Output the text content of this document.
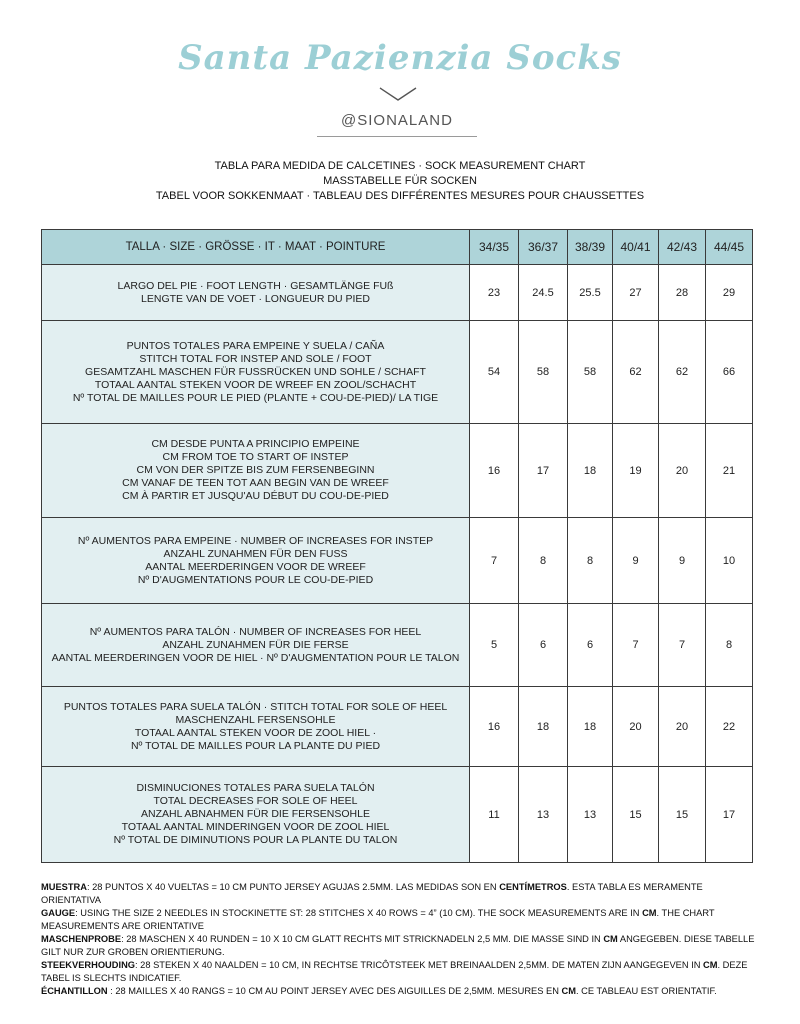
Santa Pazienzia Socks
@SIONALAND
TABLA PARA MEDIDA DE CALCETINES · SOCK MEASUREMENT CHART
MASSTABELLE FÜR SOCKEN
TABEL VOOR SOKKENMAAT · TABLEAU DES DIFFÉRENTES MESURES POUR CHAUSSETTES
TALLA · SIZE · GRÖSSE · IT · MAAT · POINTURE	34/35	36/37	38/39	40/41	42/43	44/45

LARGO DEL PIE · FOOT LENGTH · GESAMTLÄNGE FUß
LENGTE VAN DE VOET · LONGUEUR DU PIED	23	24.5	25.5	27	28	29

PUNTOS TOTALES PARA EMPEINE Y SUELA / CAÑA
STITCH TOTAL FOR INSTEP AND SOLE / FOOT
GESAMTZAHL MASCHEN FÜR FUSSRÜCKEN UND SOHLE / SCHAFT
TOTAAL AANTAL STEKEN VOOR DE WREEF EN ZOOL/SCHACHT
Nº TOTAL DE MAILLES POUR LE PIED (PLANTE + COU-DE-PIED)/ LA TIGE	54	58	58	62	62	66

CM DESDE PUNTA A PRINCIPIO EMPEINE
CM FROM TOE TO START OF INSTEP
CM VON DER SPITZE BIS ZUM FERSENBEGINN
CM VANAF DE TEEN TOT AAN BEGIN VAN DE WREEF
CM À PARTIR ET JUSQU'AU DÉBUT DU COU-DE-PIED	16	17	18	19	20	21

Nº AUMENTOS PARA EMPEINE · NUMBER OF INCREASES FOR INSTEP
ANZAHL ZUNAHMEN FÜR DEN FUSS
AANTAL MEERDERINGEN VOOR DE WREEF
Nº D'AUGMENTATIONS POUR LE COU-DE-PIED	7	8	8	9	9	10

Nº AUMENTOS PARA TALÓN · NUMBER OF INCREASES FOR HEEL
ANZAHL ZUNAHMEN FÜR DIE FERSE
AANTAL MEERDERINGEN VOOR DE HIEL · Nº D'AUGMENTATION POUR LE TALON	5	6	6	7	7	8

PUNTOS TOTALES PARA SUELA TALÓN · STITCH TOTAL FOR SOLE OF HEEL
MASCHENZAHL FERSENSOHLE
TOTAAL AANTAL STEKEN VOOR DE ZOOL HIEL ·
Nº TOTAL DE MAILLES POUR LA PLANTE DU PIED	16	18	18	20	20	22

DISMINUCIONES TOTALES PARA SUELA TALÓN
TOTAL DECREASES FOR SOLE OF HEEL
ANZAHL ABNAHMEN FÜR DIE FERSENSOHLE
TOTAAL AANTAL MINDERINGEN VOOR DE ZOOL HIEL
Nº TOTAL DE DIMINUTIONS POUR LA PLANTE DU TALON	11	13	13	15	15	17

MUESTRA: 28 PUNTOS X 40 VUELTAS = 10 CM PUNTO JERSEY AGUJAS 2.5MM. LAS MEDIDAS SON EN CENTÍMETROS. ESTA TABLA ES MERAMENTE ORIENTATIVA

GAUGE: USING THE SIZE 2 NEEDLES IN STOCKINETTE ST: 28 STITCHES X 40 ROWS = 4” (10 CM). THE SOCK MEASUREMENTS ARE IN CM. THE CHART MEASUREMENTS ARE ORIENTATIVE

MASCHENPROBE: 28 MASCHEN X 40 RUNDEN = 10 X 10 CM GLATT RECHTS MIT STRICKNADELN 2,5 MM. DIE MASSE SIND IN CM ANGEGEBEN. DIESE TABELLE GILT NUR ZUR GROBEN ORIENTIERUNG.

STEEKVERHOUDING: 28 STEKEN X 40 NAALDEN = 10 CM, IN RECHTSE TRICÔTSTEEK MET BREINAALDEN 2,5MM. DE MATEN ZIJN AANGEGEVEN IN CM. DEZE TABEL IS SLECHTS INDICATIEF.

ÉCHANTILLON : 28 MAILLES X 40 RANGS = 10 CM AU POINT JERSEY AVEC DES AIGUILLES DE 2,5MM. MESURES EN CM. CE TABLEAU EST ORIENTATIF.
